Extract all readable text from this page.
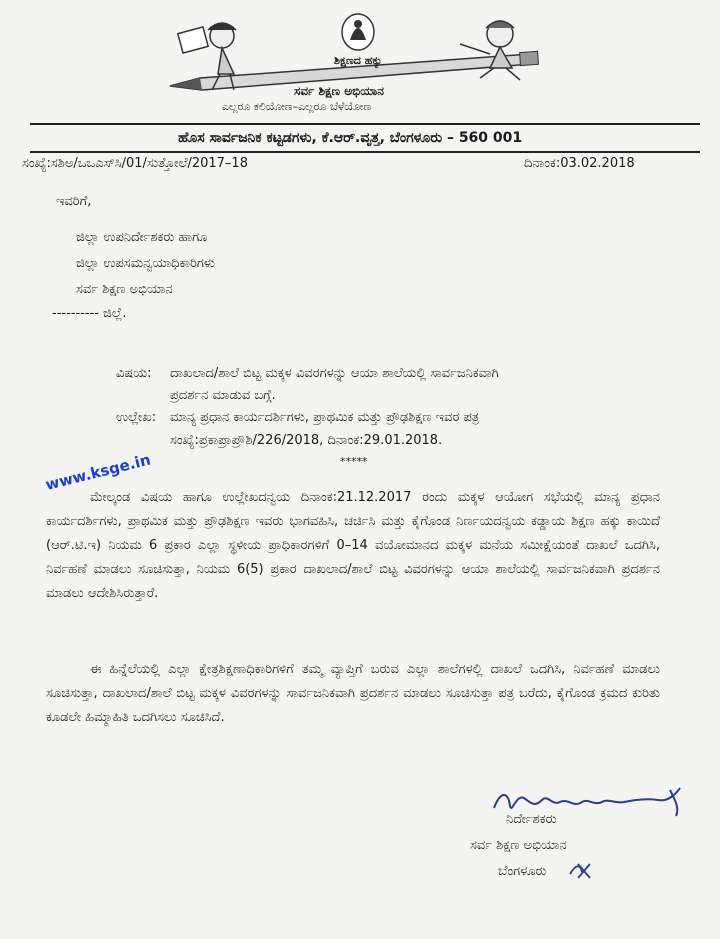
ಶಿಕ್ಷಣದ ಹಕ್ಕು
ಸರ್ವ ಶಿಕ್ಷಣ ಅಭಿಯಾನ
ಎಲ್ಲರೂ ಕಲಿಯೋಣ–ಎಲ್ಲರೂ ಬೆಳೆಯೋಣ
ಹೊಸ ಸಾರ್ವಜನಿಕ ಕಟ್ಟಡಗಳು, ಕೆ.ಆರ್.ವೃತ್ತ, ಬೆಂಗಳೂರು – 560 001
ಸಂಖ್ಯೆ:ಸಶಿಅ/ಒಒಎಸ್‌ಸಿ/01/ಸುತ್ತೋಲೆ/2017–18	ದಿನಾಂಕ:03.02.2018
ಇವರಿಗೆ,
ಜಿಲ್ಲಾ ಉಪನಿರ್ದೇಶಕರು ಹಾಗೂ
ಜಿಲ್ಲಾ ಉಪಸಮನ್ವಯಾಧಿಕಾರಿಗಳು
ಸರ್ವ ಶಿಕ್ಷಣ ಅಭಿಯಾನ
---------- ಜಿಲ್ಲೆ.
ವಿಷಯ: ದಾಖಲಾದ/ಶಾಲೆ ಬಿಟ್ಟ ಮಕ್ಕಳ ವಿವರಗಳನ್ನು ಆಯಾ ಶಾಲೆಯಲ್ಲಿ ಸಾರ್ವಜನಿಕವಾಗಿ
ಪ್ರದರ್ಶನ ಮಾಡುವ ಬಗ್ಗೆ.
ಉಲ್ಲೇಖ: ಮಾನ್ಯ ಪ್ರಧಾನ ಕಾರ್ಯದರ್ಶಿಗಳು, ಪ್ರಾಥಮಿಕ ಮತ್ತು ಪ್ರೌಢಶಿಕ್ಷಣ ಇವರ ಪತ್ರ
ಸಂಖ್ಯೆ:ಪ್ರಕಾಪ್ರಾಪ್ರೌಶಿ/226/2018, ದಿನಾಂಕ:29.01.2018.
*****
www.ksge.in
ಮೇಲ್ಕಂಡ ವಿಷಯ ಹಾಗೂ ಉಲ್ಲೇಖದನ್ವಯ ದಿನಾಂಕ:21.12.2017 ರಂದು ಮಕ್ಕಳ ಆಯೋಗ ಸಭೆಯಲ್ಲಿ ಮಾನ್ಯ ಪ್ರಧಾನ ಕಾರ್ಯದರ್ಶಿಗಳು, ಪ್ರಾಥಮಿಕ ಮತ್ತು ಪ್ರೌಢಶಿಕ್ಷಣ ಇವರು ಭಾಗವಹಿಸಿ, ಚರ್ಚಿಸಿ ಮತ್ತು ಕೈಗೊಂಡ ನಿರ್ಣಯದನ್ವಯ ಕಡ್ಡಾಯ ಶಿಕ್ಷಣ ಹಕ್ಕು ಕಾಯಿದೆ (ಆರ್.ಟಿ.ಇ) ನಿಯಮ 6 ಪ್ರಕಾರ ಎಲ್ಲಾ ಸ್ಥಳೀಯ ಪ್ರಾಧಿಕಾರಗಳಿಗೆ 0–14 ವಯೋಮಾನದ ಮಕ್ಕಳ ಮನೆಯ ಸಮೀಕ್ಷೆಯಂತೆ ದಾಖಲೆ ಒದಗಿಸಿ, ನಿರ್ವಹಣೆ ಮಾಡಲು ಸೂಚಿಸುತ್ತಾ, ನಿಯಮ 6(5) ಪ್ರಕಾರ ದಾಖಲಾದ/ಶಾಲೆ ಬಿಟ್ಟ ವಿವರಗಳನ್ನು ಆಯಾ ಶಾಲೆಯಲ್ಲಿ ಸಾರ್ವಜನಿಕವಾಗಿ ಪ್ರದರ್ಶನ ಮಾಡಲು ಆದೇಶಿಸಿರುತ್ತಾರೆ.
ಈ ಹಿನ್ನೆಲೆಯಲ್ಲಿ ಎಲ್ಲಾ ಕ್ಷೇತ್ರಶಿಕ್ಷಣಾಧಿಕಾರಿಗಳಿಗೆ ತಮ್ಮ ವ್ಯಾಪ್ತಿಗೆ ಬರುವ ಎಲ್ಲಾ ಶಾಲೆಗಳಲ್ಲಿ ದಾಖಲೆ ಒದಗಿಸಿ, ನಿರ್ವಹಣೆ ಮಾಡಲು ಸೂಚಿಸುತ್ತಾ, ದಾಖಲಾದ/ಶಾಲೆ ಬಿಟ್ಟ ಮಕ್ಕಳ ವಿವರಗಳನ್ನು ಸಾರ್ವಜನಿಕವಾಗಿ ಪ್ರದರ್ಶನ ಮಾಡಲು ಸೂಚಿಸುತ್ತಾ ಪತ್ರ ಬರೆದು, ಕೈಗೊಂಡ ಕ್ರಮದ ಕುರಿತು ಕೂಡಲೇ ಹಿಮ್ಮಾಹಿತಿ ಒದಗಿಸಲು ಸೂಚಿಸಿದೆ.
ನಿರ್ದೇಶಕರು
ಸರ್ವ ಶಿಕ್ಷಣ ಅಭಿಯಾನ
ಬೆಂಗಳೂರು
